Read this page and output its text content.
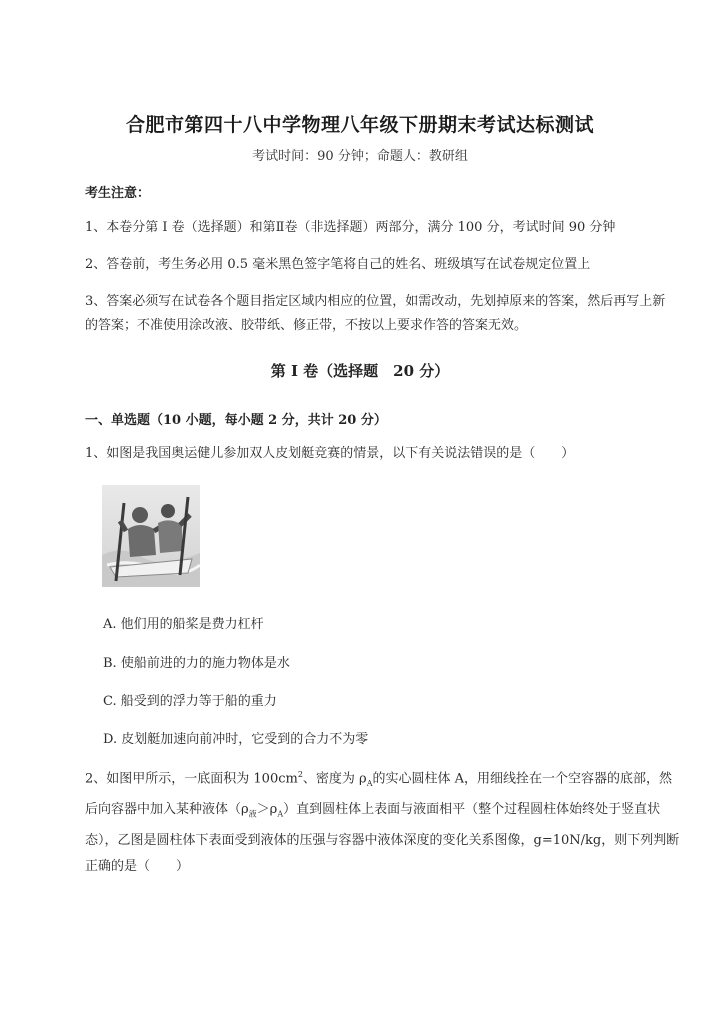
合肥市第四十八中学物理八年级下册期末考试达标测试
考试时间：90 分钟；命题人：教研组
考生注意：
1、本卷分第 I 卷（选择题）和第Ⅱ卷（非选择题）两部分，满分 100 分，考试时间 90 分钟
2、答卷前，考生务必用 0.5 毫米黑色签字笔将自己的姓名、班级填写在试卷规定位置上
3、答案必须写在试卷各个题目指定区域内相应的位置，如需改动，先划掉原来的答案，然后再写上新
的答案；不准使用涂改液、胶带纸、修正带，不按以上要求作答的答案无效。
第 I 卷（选择题　20 分）
一、单选题（10 小题，每小题 2 分，共计 20 分）
1、如图是我国奥运健儿参加双人皮划艇竞赛的情景，以下有关说法错误的是（　　）
A. 他们用的船桨是费力杠杆
B. 使船前进的力的施力物体是水
C. 船受到的浮力等于船的重力
D. 皮划艇加速向前冲时，它受到的合力不为零
2、如图甲所示，一底面积为 $100cm^2$、密度为 $\rho_A$的实心圆柱体 A，用细线拴在一个空容器的底部，然
后向容器中加入某种液体$(\rho_液>\rho_A)$直到圆柱体上表面与液面相平（整个过程圆柱体始终处于竖直状
态），乙图是圆柱体下表面受到液体的压强与容器中液体深度的变化关系图像，g=10N/kg，则下列判断
正确的是（　　）
